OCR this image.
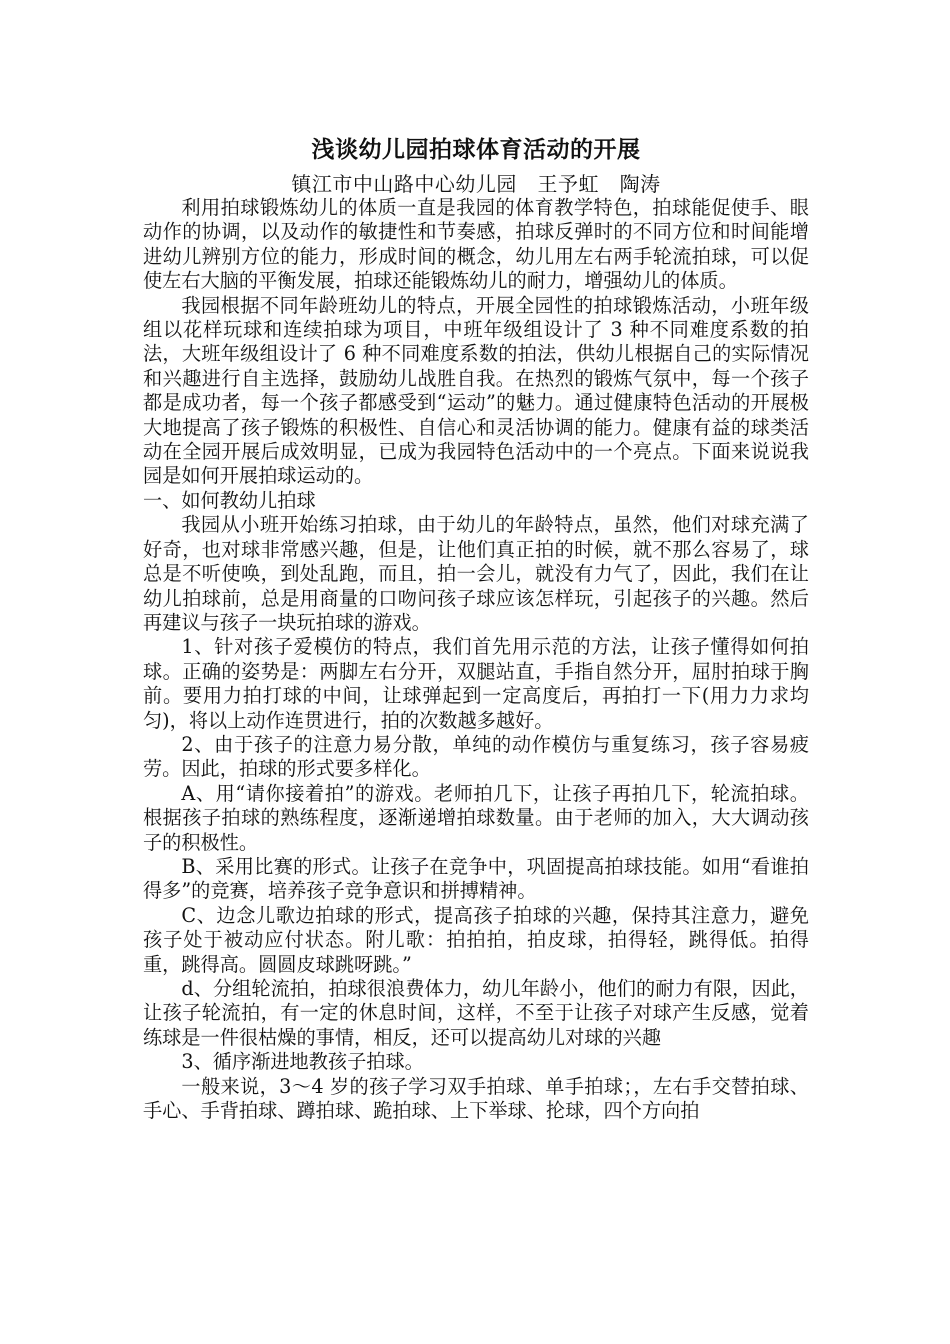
浅谈幼儿园拍球体育活动的开展
镇江市中山路中心幼儿园   王予虹   陶涛

利用拍球锻炼幼儿的体质一直是我园的体育教学特色，拍球能促使手、眼动作的协调，以及动作的敏捷性和节奏感，拍球反弹时的不同方位和时间能增进幼儿辨别方位的能力，形成时间的概念，幼儿用左右两手轮流拍球，可以促使左右大脑的平衡发展，拍球还能锻炼幼儿的耐力，增强幼儿的体质。

我园根据不同年龄班幼儿的特点，开展全园性的拍球锻炼活动，小班年级组以花样玩球和连续拍球为项目，中班年级组设计了 3 种不同难度系数的拍法，大班年级组设计了 6 种不同难度系数的拍法，供幼儿根据自己的实际情况和兴趣进行自主选择，鼓励幼儿战胜自我。在热烈的锻炼气氛中，每一个孩子都是成功者，每一个孩子都感受到“运动”的魅力。通过健康特色活动的开展极大地提高了孩子锻炼的积极性、自信心和灵活协调的能力。健康有益的球类活动在全园开展后成效明显，已成为我园特色活动中的一个亮点。下面来说说我园是如何开展拍球运动的。

一、如何教幼儿拍球

我园从小班开始练习拍球，由于幼儿的年龄特点，虽然，他们对球充满了好奇，也对球非常感兴趣，但是，让他们真正拍的时候，就不那么容易了，球总是不听使唤，到处乱跑，而且，拍一会儿，就没有力气了，因此，我们在让幼儿拍球前，总是用商量的口吻问孩子球应该怎样玩，引起孩子的兴趣。然后再建议与孩子一块玩拍球的游戏。

1、针对孩子爱模仿的特点，我们首先用示范的方法，让孩子懂得如何拍球。正确的姿势是：两脚左右分开，双腿站直，手指自然分开，屈肘拍球于胸前。要用力拍打球的中间，让球弹起到一定高度后，再拍打一下(用力力求均匀)，将以上动作连贯进行，拍的次数越多越好。

2、由于孩子的注意力易分散，单纯的动作模仿与重复练习，孩子容易疲劳。因此，拍球的形式要多样化。

A、用“请你接着拍”的游戏。老师拍几下，让孩子再拍几下，轮流拍球。根据孩子拍球的熟练程度，逐渐递增拍球数量。由于老师的加入，大大调动孩子的积极性。

B、采用比赛的形式。让孩子在竞争中，巩固提高拍球技能。如用“看谁拍得多”的竞赛，培养孩子竞争意识和拼搏精神。

C、边念儿歌边拍球的形式，提高孩子拍球的兴趣，保持其注意力，避免孩子处于被动应付状态。附儿歌：拍拍拍，拍皮球，拍得轻，跳得低。拍得重，跳得高。圆圆皮球跳呀跳。”

d、分组轮流拍，拍球很浪费体力，幼儿年龄小，他们的耐力有限，因此，让孩子轮流拍，有一定的休息时间，这样，不至于让孩子对球产生反感，觉着练球是一件很枯燥的事情，相反，还可以提高幼儿对球的兴趣

3、循序渐进地教孩子拍球。

一般来说，3～4 岁的孩子学习双手拍球、单手拍球；，左右手交替拍球、手心、手背拍球、蹲拍球、跪拍球、上下举球、抡球，四个方向拍
